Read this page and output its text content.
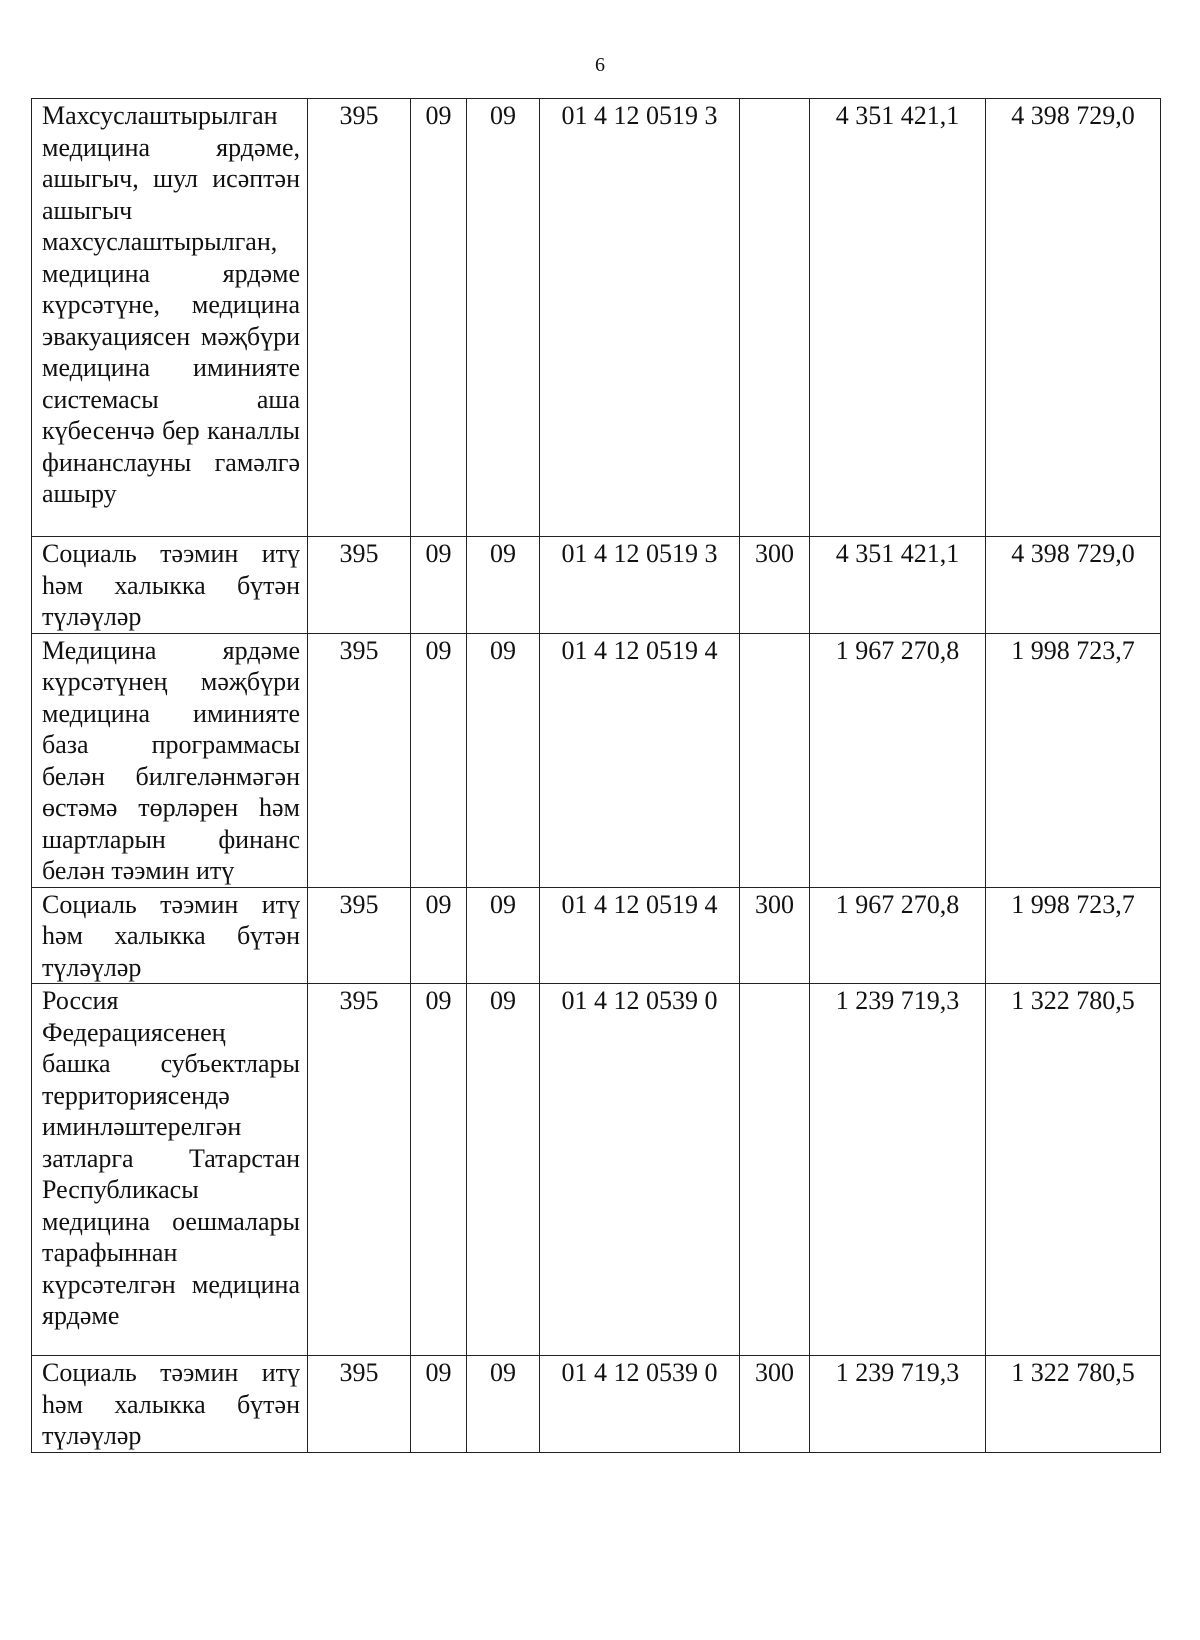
6
Махсуслаштырылган медицина ярдәме, ашыгыч, шул исәптән ашыгыч махсуслаштырылган, медицина ярдәме күрсәтүне, медицина эвакуациясен мәҗбүри медицина иминияте системасы аша күбесенчә бер каналлы финанслауны гамәлгә ашыру	395	09	09	01 4 12 0519 3		4 351 421,1	4 398 729,0
Социаль тәэмин итү һәм халыкка бүтән түләүләр	395	09	09	01 4 12 0519 3	300	4 351 421,1	4 398 729,0
Медицина ярдәме күрсәтүнең мәҗбүри медицина иминияте база программасы белән билгеләнмәгән өстәмә төрләрен һәм шартларын финанс белән тәэмин итү	395	09	09	01 4 12 0519 4		1 967 270,8	1 998 723,7
Социаль тәэмин итү һәм халыкка бүтән түләүләр	395	09	09	01 4 12 0519 4	300	1 967 270,8	1 998 723,7
Россия Федерациясенең башка субъектлары территориясендә иминләштерелгән затларга Татарстан Республикасы медицина оешмалары тарафыннан күрсәтелгән медицина ярдәме	395	09	09	01 4 12 0539 0		1 239 719,3	1 322 780,5
Социаль тәэмин итү һәм халыкка бүтән түләүләр	395	09	09	01 4 12 0539 0	300	1 239 719,3	1 322 780,5
